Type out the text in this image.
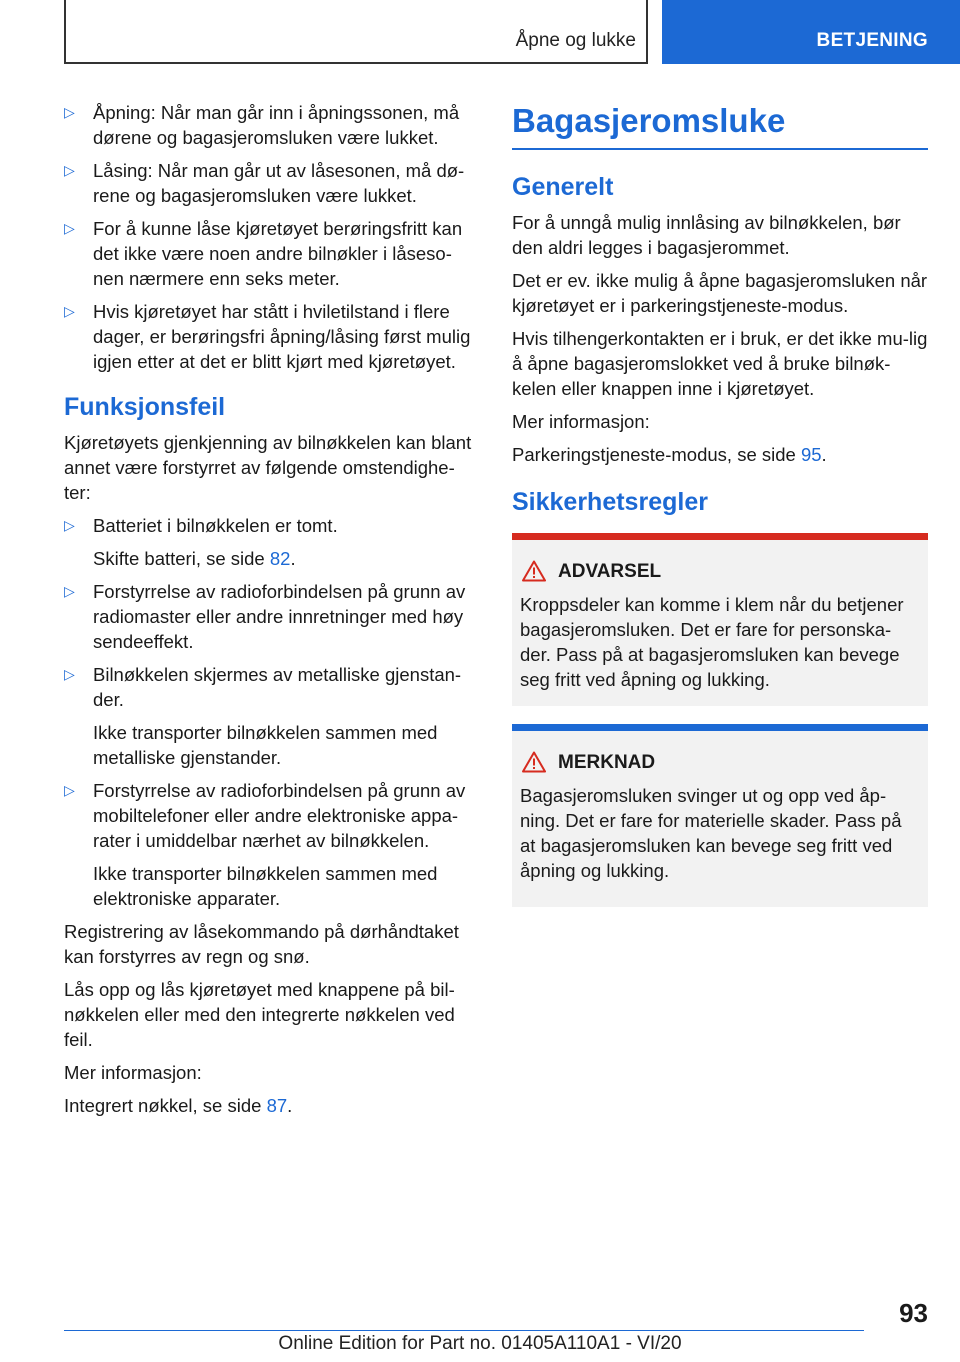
Åpne og lukke	BETJENING
▷ Åpning: Når man går inn i åpningssonen, må dørene og bagasjeromsluken være lukket.
▷ Låsing: Når man går ut av låsesonen, må dø-rene og bagasjeromsluken være lukket.
▷ For å kunne låse kjøretøyet berøringsfritt kan det ikke være noen andre bilnøkler i låseso-nen nærmere enn seks meter.
▷ Hvis kjøretøyet har stått i hviletilstand i flere dager, er berøringsfri åpning/låsing først mulig igjen etter at det er blitt kjørt med kjøretøyet.
Funksjonsfeil

Kjøretøyets gjenkjenning av bilnøkkelen kan blant annet være forstyrret av følgende omstendighe-ter:

▷ Batteriet i bilnøkkelen er tomt.
Skifte batteri, se side 82.
▷ Forstyrrelse av radioforbindelsen på grunn av radiomaster eller andre innretninger med høy sendeeffekt.
▷ Bilnøkkelen skjermes av metalliske gjenstan-der.
Ikke transporter bilnøkkelen sammen med metalliske gjenstander.
▷ Forstyrrelse av radioforbindelsen på grunn av mobiltelefoner eller andre elektroniske appa-rater i umiddelbar nærhet av bilnøkkelen.
Ikke transporter bilnøkkelen sammen med elektroniske apparater.

Registrering av låsekommando på dørhåndtaket kan forstyrres av regn og snø.

Lås opp og lås kjøretøyet med knappene på bil-nøkkelen eller med den integrerte nøkkelen ved feil.

Mer informasjon:

Integrert nøkkel, se side 87.

Bagasjeromsluke
Generelt

For å unngå mulig innlåsing av bilnøkkelen, bør den aldri legges i bagasjerommet.

Det er ev. ikke mulig å åpne bagasjeromsluken når kjøretøyet er i parkeringstjeneste-modus.

Hvis tilhengerkontakten er i bruk, er det ikke mu-lig å åpne bagasjeromslokket ved å bruke bilnøk-kelen eller knappen inne i kjøretøyet.

Mer informasjon:

Parkeringstjeneste-modus, se side 95.

Sikkerhetsregler
ADVARSEL
Kroppsdeler kan komme i klem når du betjener bagasjeromsluken. Det er fare for personska-der. Pass på at bagasjeromsluken kan bevege seg fritt ved åpning og lukking.
MERKNAD
Bagasjeromsluken svinger ut og opp ved åp-ning. Det er fare for materielle skader. Pass på at bagasjeromsluken kan bevege seg fritt ved åpning og lukking.
93
Online Edition for Part no. 01405A110A1 - VI/20
